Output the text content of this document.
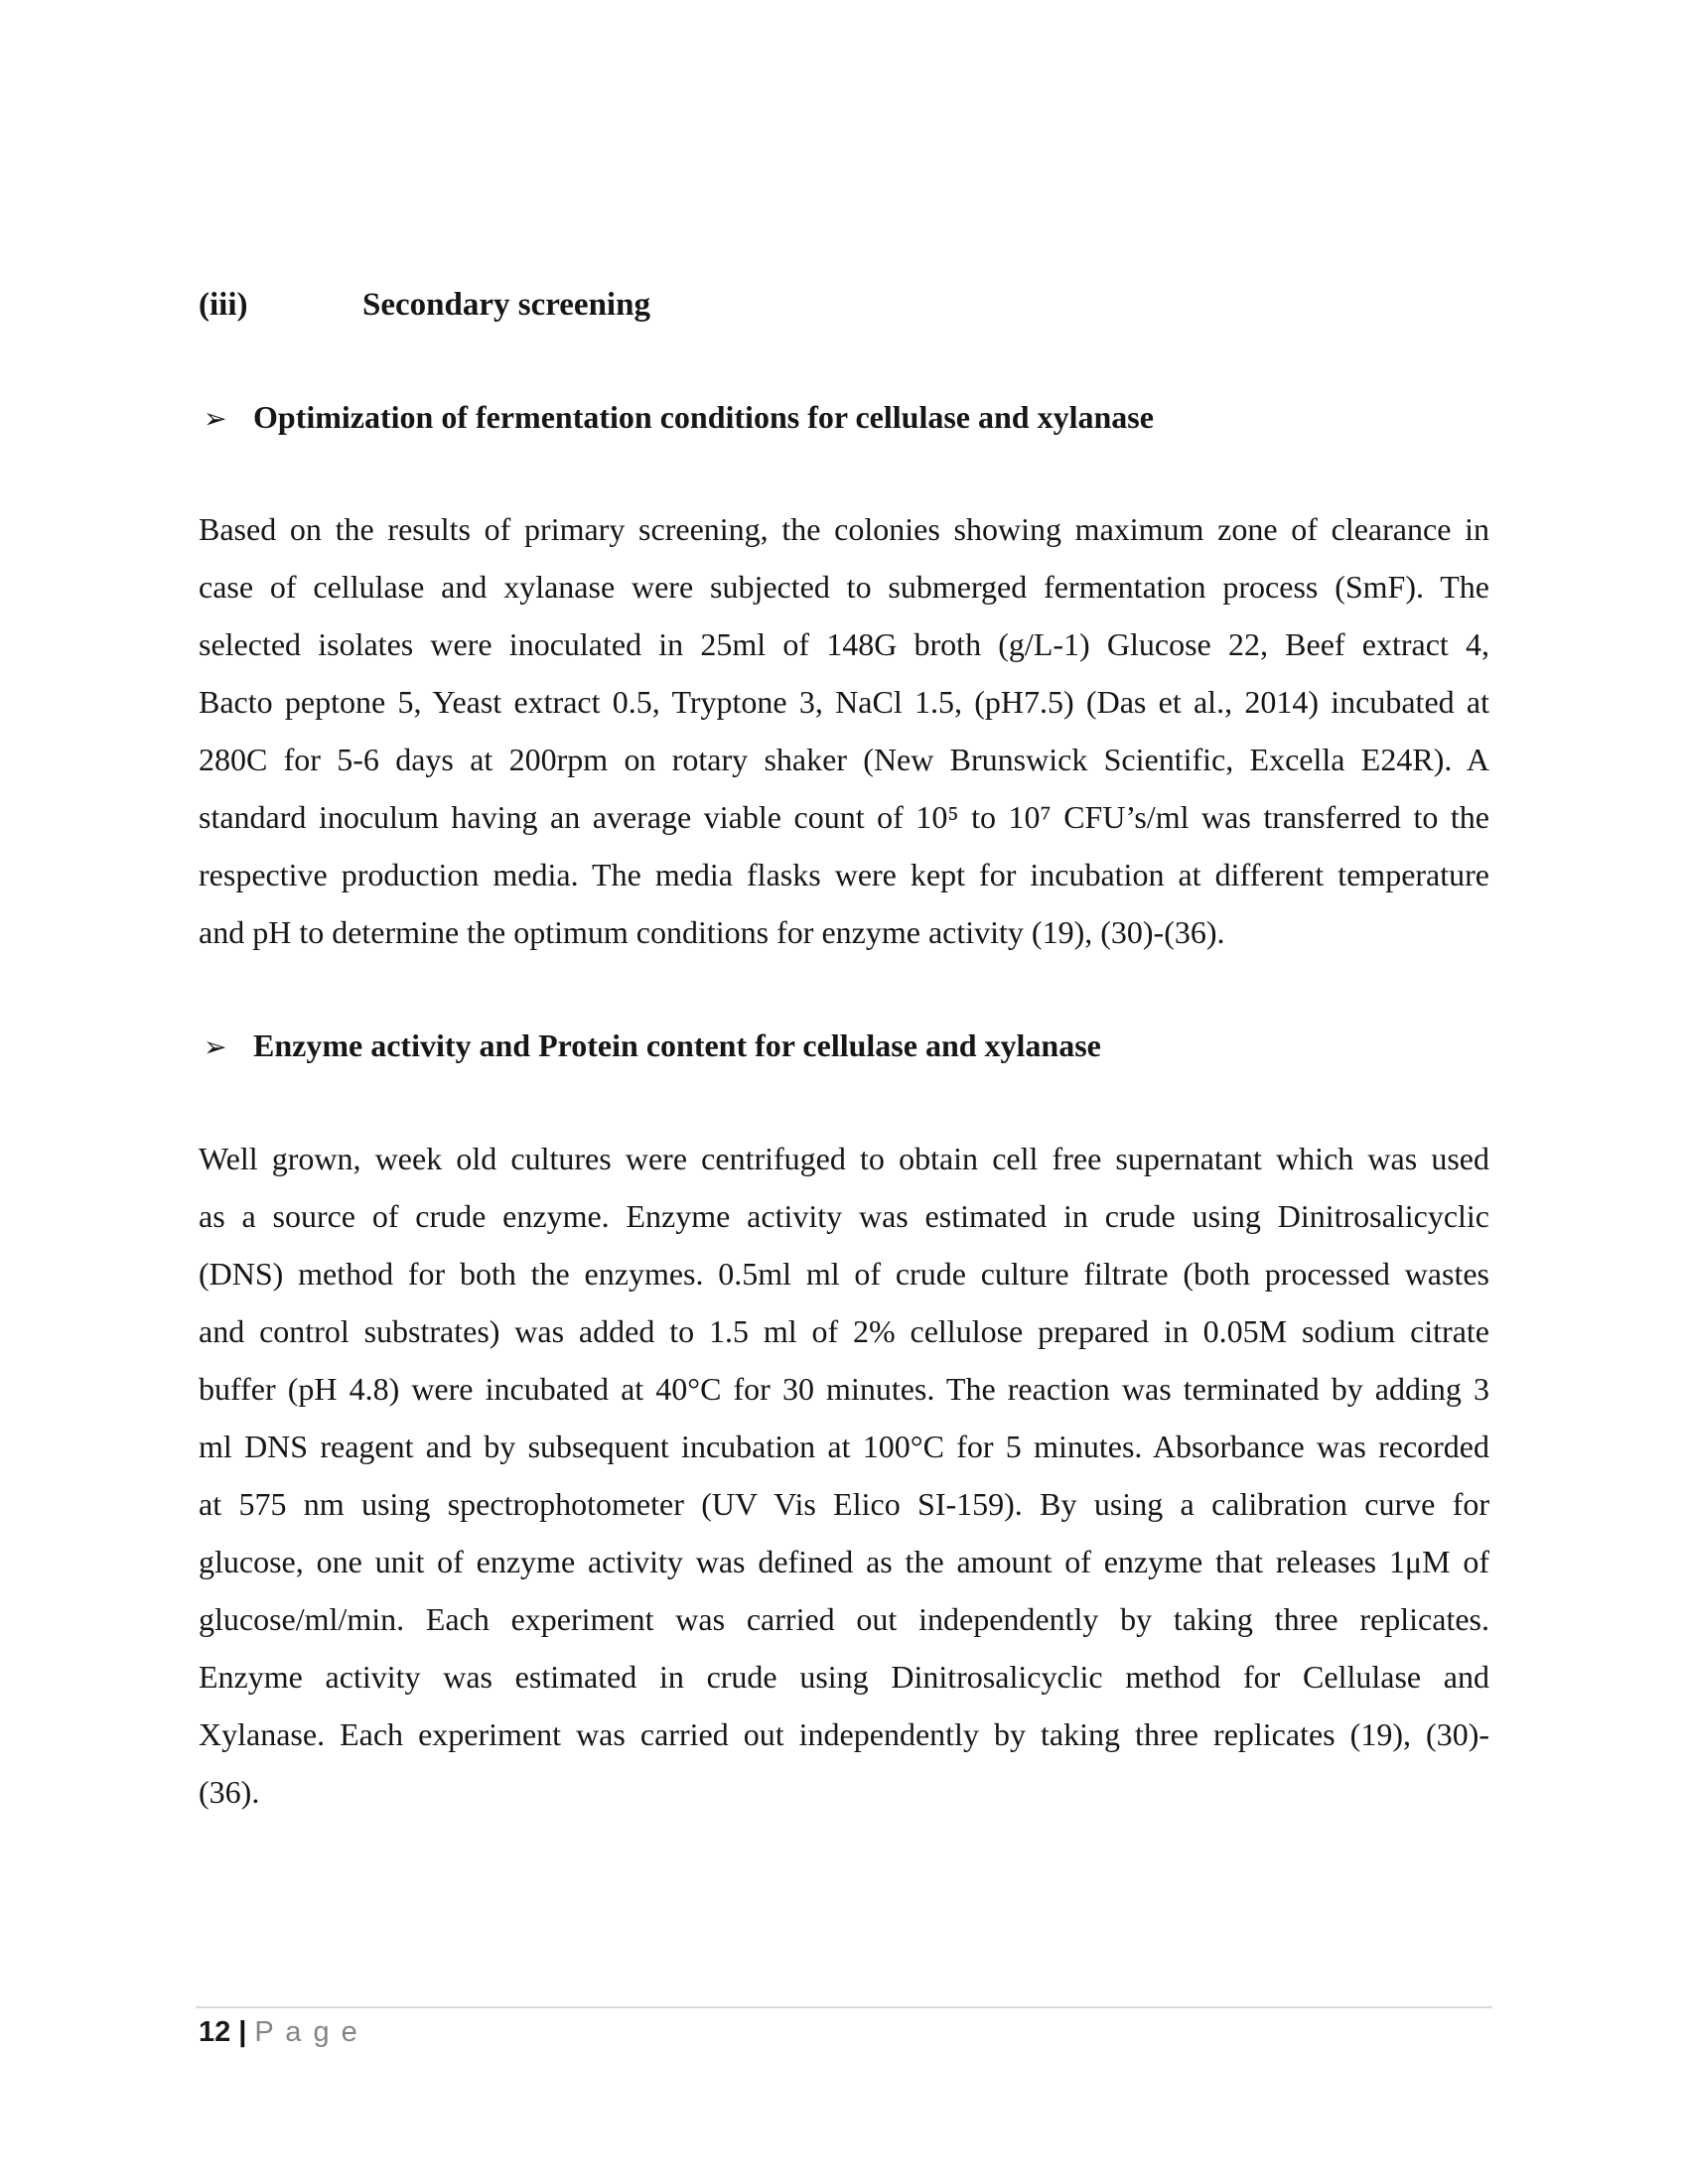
(iii)	Secondary screening
➢ Optimization of fermentation conditions for cellulase and xylanase
Based on the results of primary screening, the colonies showing maximum zone of clearance in
case of cellulase and xylanase were subjected to submerged fermentation process (SmF). The
selected isolates were inoculated in 25ml of 148G broth (g/L-1) Glucose 22, Beef extract 4,
Bacto peptone 5, Yeast extract 0.5, Tryptone 3, NaCl 1.5, (pH7.5) (Das et al., 2014) incubated at
280C for 5-6 days at 200rpm on rotary shaker (New Brunswick Scientific, Excella E24R). A
standard inoculum having an average viable count of 10⁵ to 10⁷ CFU’s/ml was transferred to the
respective production media. The media flasks were kept for incubation at different temperature
and pH to determine the optimum conditions for enzyme activity (19), (30)-(36).
➢ Enzyme activity and Protein content for cellulase and xylanase
Well grown, week old cultures were centrifuged to obtain cell free supernatant which was used
as a source of crude enzyme. Enzyme activity was estimated in crude using Dinitrosalicyclic
(DNS) method for both the enzymes. 0.5ml ml of crude culture filtrate (both processed wastes
and control substrates) was added to 1.5 ml of 2% cellulose prepared in 0.05M sodium citrate
buffer (pH 4.8) were incubated at 40°C for 30 minutes. The reaction was terminated by adding 3
ml DNS reagent and by subsequent incubation at 100°C for 5 minutes. Absorbance was recorded
at 575 nm using spectrophotometer (UV Vis Elico SI-159). By using a calibration curve for
glucose, one unit of enzyme activity was defined as the amount of enzyme that releases 1μM of
glucose/ml/min. Each experiment was carried out independently by taking three replicates.
Enzyme activity was estimated in crude using Dinitrosalicyclic method for Cellulase and
Xylanase. Each experiment was carried out independently by taking three replicates (19), (30)-
(36).
12 | P a g e
